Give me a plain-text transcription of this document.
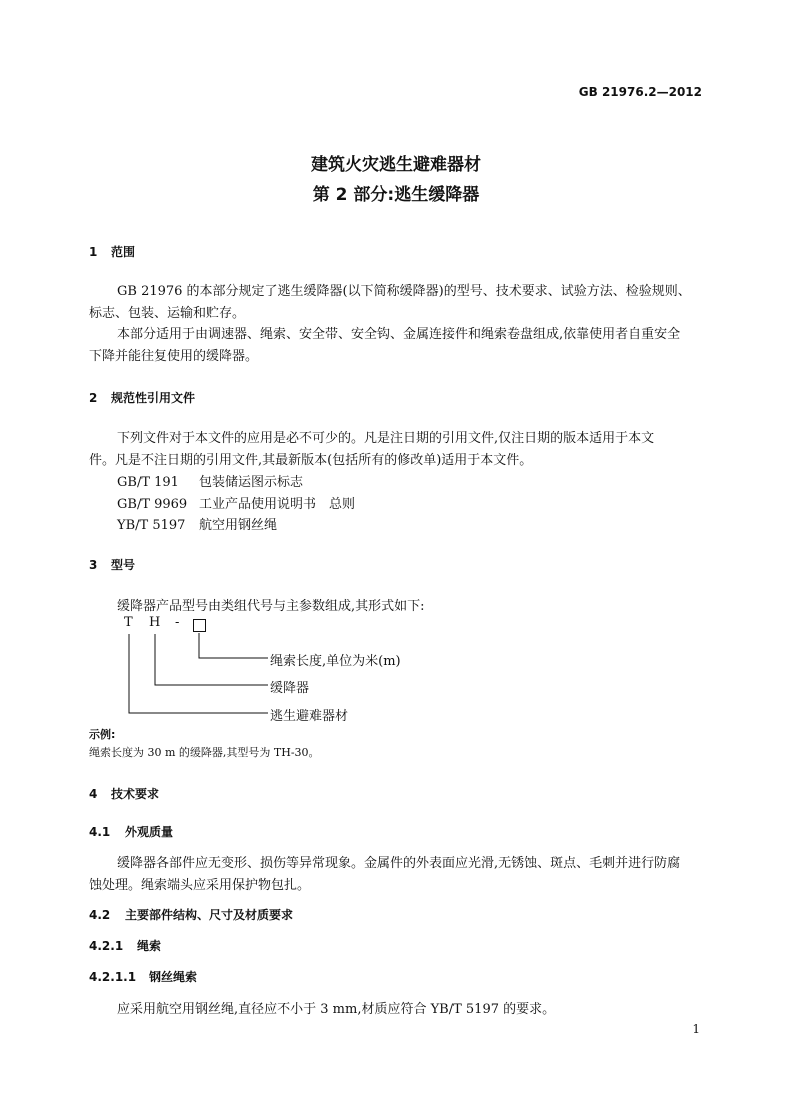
GB 21976.2—2012
建筑火灾逃生避难器材
第 2 部分:逃生缓降器
1 范围
GB 21976 的本部分规定了逃生缓降器(以下简称缓降器)的型号、技术要求、试验方法、检验规则、
标志、包装、运输和贮存。
本部分适用于由调速器、绳索、安全带、安全钩、金属连接件和绳索卷盘组成,依靠使用者自重安全
下降并能往复使用的缓降器。
2 规范性引用文件
下列文件对于本文件的应用是必不可少的。凡是注日期的引用文件,仅注日期的版本适用于本文
件。凡是不注日期的引用文件,其最新版本(包括所有的修改单)适用于本文件。
GB/T 191 包装储运图示标志
GB/T 9969 工业产品使用说明书　总则
YB/T 5197 航空用钢丝绳
3 型号
缓降器产品型号由类组代号与主参数组成,其形式如下:
T H -
绳索长度,单位为米(m)
缓降器
逃生避难器材
示例:
绳索长度为 30 m 的缓降器,其型号为 TH-30。
4 技术要求
4.1 外观质量
缓降器各部件应无变形、损伤等异常现象。金属件的外表面应光滑,无锈蚀、斑点、毛刺并进行防腐
蚀处理。绳索端头应采用保护物包扎。
4.2 主要部件结构、尺寸及材质要求
4.2.1 绳索
4.2.1.1 钢丝绳索
应采用航空用钢丝绳,直径应不小于 3 mm,材质应符合 YB/T 5197 的要求。
1
